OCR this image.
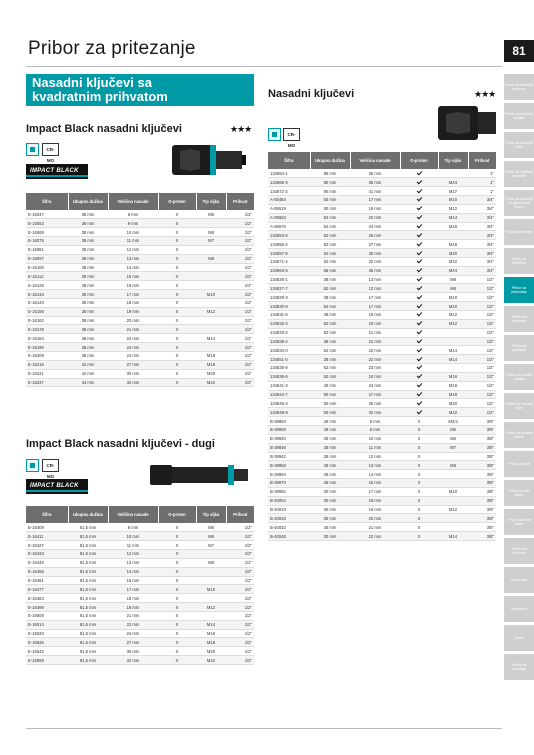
Pribor za pritezanje	81
Nasadni ključevi sa
kvadratnim prihvatom
Impact Black nasadni ključevi	★★★
CR-MO
IMPACT BLACK
Šifra	Ukupna dužina	Veličina nasade	O-prsten	Tip vijka	Prihvat
E-16047	38 mm	8 mm	X	M5	1/2"
E-16053	38 mm	9 mm	X		1/2"
E-16069	38 mm	10 mm	X	M6	1/2"
E-16075	38 mm	11 mm	X	M7	1/2"
E-16081	38 mm	12 mm	X		1/2"
E-16097	38 mm	13 mm	X	M8	1/2"
E-16106	38 mm	14 mm	X		1/2"
E-16112	38 mm	15 mm	X		1/2"
E-16128	38 mm	16 mm	X		1/2"
E-16134	38 mm	17 mm	X	M10	1/2"
E-16143	38 mm	18 mm	X		1/2"
E-16156	38 mm	19 mm	X	M12	1/2"
E-16162	38 mm	20 mm	X		1/2"
E-16178	38 mm	21 mm	X		1/2"
E-16184	38 mm	22 mm	X	M14	1/2"
E-16190	38 mm	23 mm	X		1/2"
E-16209	38 mm	24 mm	X	M16	1/2"
E-16215	42 mm	27 mm	X	M18	1/2"
E-16221	42 mm	30 mm	X	M20	1/2"
E-16237	44 mm	32 mm	X	M22	1/2"
Impact Black nasadni ključevi - dugi
CR-MO
IMPACT BLACK
Šifra	Ukupna dužina	Veličina nasade	O-prsten	Tip vijka	Prihvat
E-16409	81,5 mm	8 mm	X	M5	1/2"
E-16411	81,5 mm	10 mm	X	M6	1/2"
E-16427	81,5 mm	11 mm	X	M7	1/2"
E-16433	81,5 mm	12 mm	X		1/2"
E-16449	81,5 mm	13 mm	X	M8	1/2"
E-16455	81,5 mm	14 mm	X		1/2"
E-16461	81,5 mm	16 mm	X		1/2"
E-16477	81,5 mm	17 mm	X	M10	1/2"
E-16483	81,5 mm	18 mm	X		1/2"
E-16499	81,5 mm	19 mm	X	M12	1/2"
E-16508	81,5 mm	21 mm	X		1/2"
E-16514	81,5 mm	22 mm	X	M14	1/2"
E-16520	81,5 mm	24 mm	X	M16	1/2"
E-16536	81,5 mm	27 mm	X	M18	1/2"
E-16542	81,5 mm	30 mm	X	M20	1/2"
E-16558	81,5 mm	32 mm	X	M22	1/2"
Nasadni ključevi	★★★
CR-MO
Šifra	Ukupna dužina	Veličina nasade	O-prsten	Tip vijka	Prihvat
134864-1	80 mm	35 mm			1"
134865-9	80 mm	36 mm		M24	1"
134872-2	80 mm	41 mm		M27	1"
A-55484	50 mm	17 mm		M10	3/4"
A-85519	50 mm	19 mm		M12	3/4"
A-05553	52 mm	22 mm		M14	3/4"
A-85575	52 mm	24 mm		M16	3/4"
134853-6	52 mm	26 mm			3/4"
134855-2	52 mm	27 mm		M18	3/4"
134857-8	52 mm	30 mm		M20	3/4"
134871-4	52 mm	32 mm		M22	3/4"
134863-5	56 mm	36 mm		M24	3/4"
134826-1	38 mm	13 mm		M8	1/2"
134827-7	52 mm	13 mm		M8	1/2"
134829-3	38 mm	17 mm		M10	1/2"
134830-8	52 mm	17 mm		M10	1/2"
134831-6	38 mm	19 mm		M12	1/2"
134832-4	52 mm	19 mm		M12	1/2"
134833-2	52 mm	21 mm			1/2"
134838-2	38 mm	21 mm			1/2"
134834-0	52 mm	22 mm		M14	1/2"
134851-0	38 mm	22 mm		M14	1/2"
134835-8	52 mm	23 mm			1/2"
134836-6	52 mm	24 mm		M16	1/2"
134841-3	40 mm	24 mm		M16	1/2"
134844-7	50 mm	27 mm		M18	1/2"
134846-3	50 mm	30 mm		M20	1/2"
134848-9	50 mm	32 mm		M22	1/2"
B-39883	28 mm	6 mm	X	M3,5	3/8"
B-39908	28 mm	8 mm	X	M5	3/8"
B-39920	28 mm	10 mm	X	M6	3/8"
B-39936	28 mm	11 mm	X	M7	3/8"
B-39942	28 mm	12 mm	X		3/8"
B-39958	28 mm	13 mm	X	M8	3/8"
B-39964	28 mm	14 mm	X		3/8"
B-39970	28 mm	15 mm	X		3/8"
B-39992	30 mm	17 mm	X	M10	3/8"
B-40004	30 mm	18 mm	X		3/8"
B-40010	30 mm	19 mm	X	M12	3/8"
B-40026	30 mm	20 mm	X		3/8"
B-40032	30 mm	21 mm	X		3/8"
B-40048	30 mm	22 mm	X	M14	3/8"
Pribor za bušenje kamena
Pribor za bušenje metala
Pribor za bušenje drva
Pribor za bušenje keramike
Pribor za bušenje za dijamantne krune
Pribor za rezanje
Pribor za brušenje
Pribor za pritezanje
Pribor za glodanje
Pribor za poliranje
Pribor za rezanje metala
Pribor za rezanje drva
Pribor za rezanje ostalo
Pribor za pile
Pribor za aku alate
Pribor za vrtne alate
Pribor za čišćenje
Ručni alati
Radionica
Ostalo
Pribor za mjerenje
